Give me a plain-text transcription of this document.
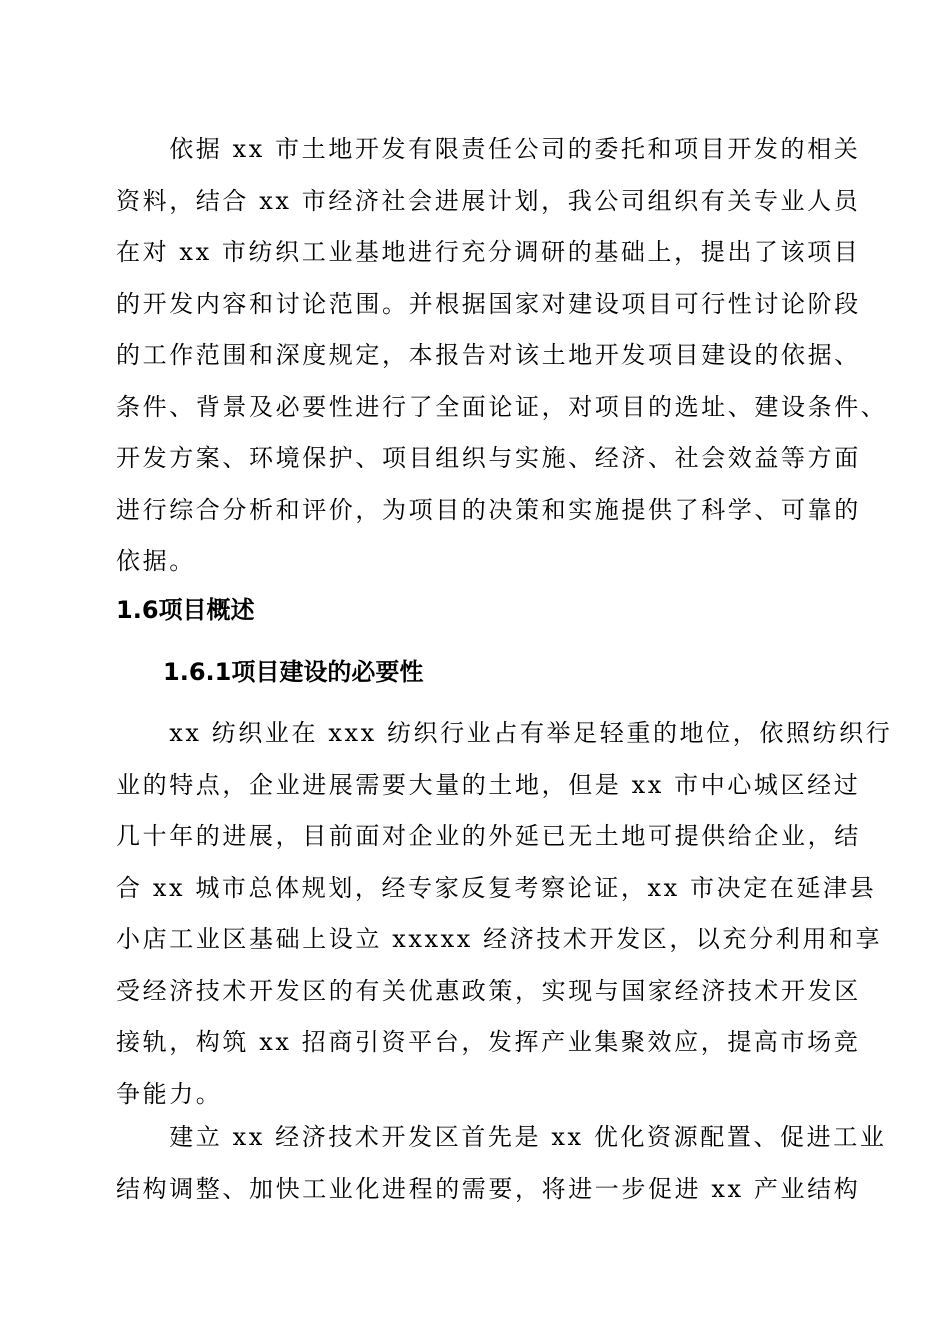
　　依据 xx 市土地开发有限责任公司的委托和项目开发的相关
资料，结合 xx 市经济社会进展计划，我公司组织有关专业人员
在对 xx 市纺织工业基地进行充分调研的基础上，提出了该项目
的开发内容和讨论范围。并根据国家对建设项目可行性讨论阶段
的工作范围和深度规定，本报告对该土地开发项目建设的依据、
条件、背景及必要性进行了全面论证，对项目的选址、建设条件、
开发方案、环境保护、项目组织与实施、经济、社会效益等方面
进行综合分析和评价，为项目的决策和实施提供了科学、可靠的
依据。
1.6项目概述
1.6.1项目建设的必要性
　　xx 纺织业在 xxx 纺织行业占有举足轻重的地位，依照纺织行
业的特点，企业进展需要大量的土地，但是 xx 市中心城区经过
几十年的进展，目前面对企业的外延已无土地可提供给企业，结
合 xx 城市总体规划，经专家反复考察论证，xx 市决定在延津县
小店工业区基础上设立 xxxxx 经济技术开发区，以充分利用和享
受经济技术开发区的有关优惠政策，实现与国家经济技术开发区
接轨，构筑 xx 招商引资平台，发挥产业集聚效应，提高市场竞
争能力。
　　建立 xx 经济技术开发区首先是 xx 优化资源配置、促进工业
结构调整、加快工业化进程的需要，将进一步促进 xx 产业结构
